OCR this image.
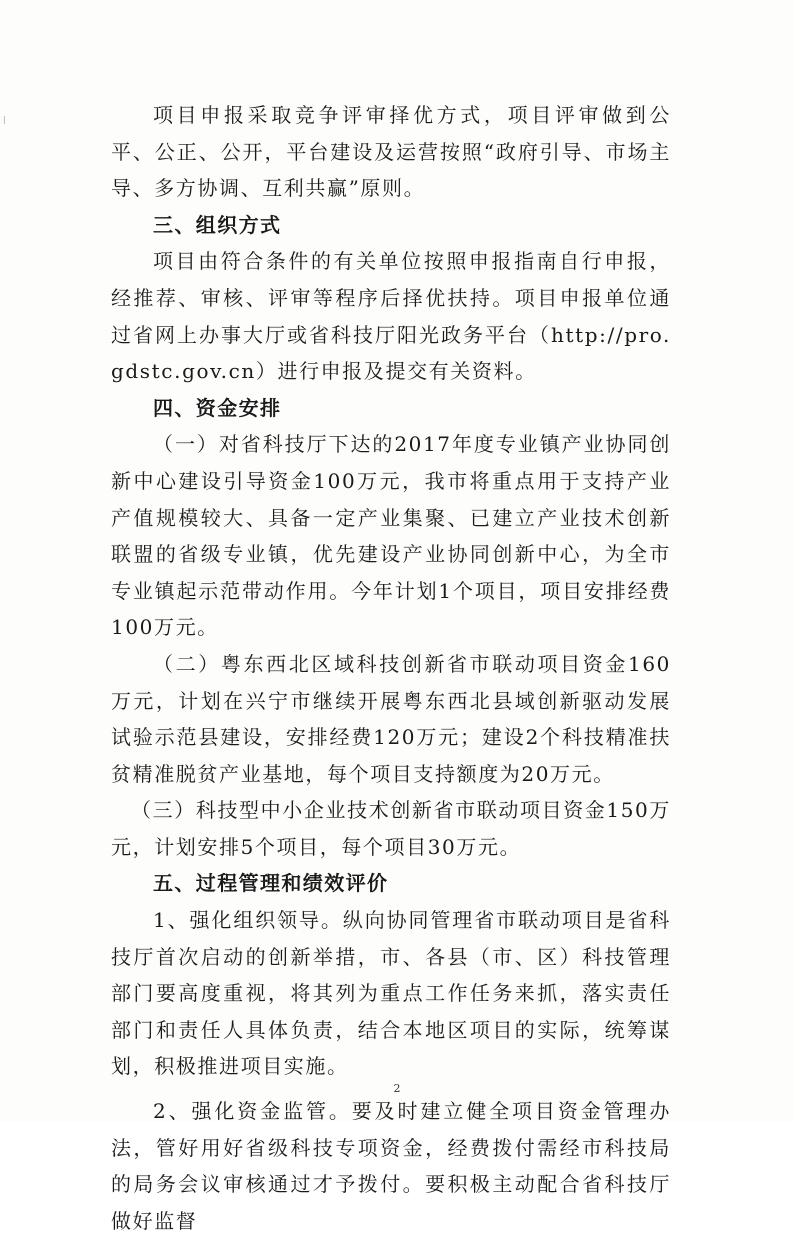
项目申报采取竞争评审择优方式，项目评审做到公平、公正、公开，平台建设及运营按照“政府引导、市场主导、多方协调、互利共赢”原则。

三、组织方式

项目由符合条件的有关单位按照申报指南自行申报，经推荐、审核、评审等程序后择优扶持。项目申报单位通过省网上办事大厅或省科技厅阳光政务平台（http://pro.gdstc.gov.cn）进行申报及提交有关资料。

四、资金安排

（一）对省科技厅下达的2017年度专业镇产业协同创新中心建设引导资金100万元，我市将重点用于支持产业产值规模较大、具备一定产业集聚、已建立产业技术创新联盟的省级专业镇，优先建设产业协同创新中心，为全市专业镇起示范带动作用。今年计划1个项目，项目安排经费100万元。

（二）粤东西北区域科技创新省市联动项目资金160万元，计划在兴宁市继续开展粤东西北县域创新驱动发展试验示范县建设，安排经费120万元；建设2个科技精准扶贫精准脱贫产业基地，每个项目支持额度为20万元。

（三）科技型中小企业技术创新省市联动项目资金150万元，计划安排5个项目，每个项目30万元。

五、过程管理和绩效评价

1、强化组织领导。纵向协同管理省市联动项目是省科技厅首次启动的创新举措，市、各县（市、区）科技管理部门要高度重视，将其列为重点工作任务来抓，落实责任部门和责任人具体负责，结合本地区项目的实际，统筹谋划，积极推进项目实施。

2、强化资金监管。要及时建立健全项目资金管理办法，管好用好省级科技专项资金，经费拨付需经市科技局的局务会议审核通过才予拨付。要积极主动配合省科技厅做好监督

2
